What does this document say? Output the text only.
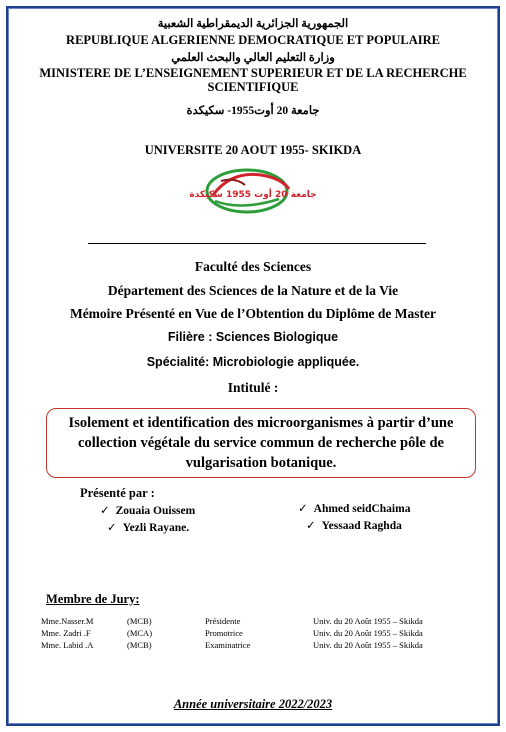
الجمهورية الجزائرية الديمقراطية الشعبية
REPUBLIQUE ALGERIENNE DEMOCRATIQUE ET POPULAIRE
وزارة التعليم العالي والبحث العلمي
MINISTERE DE L’ENSEIGNEMENT SUPERIEUR ET DE LA RECHERCHE
SCIENTIFIQUE
جامعة 20 أوت1955- سكيكدة
UNIVERSITE 20 AOUT 1955- SKIKDA
جامعة 20 أوت 1955 سكيكدة
Faculté des Sciences
Département des Sciences de la Nature et de la Vie
Mémoire Présenté en Vue de l’Obtention du Diplôme de Master
Filière : Sciences Biologique
Spécialité: Microbiologie appliquée.
Intitulé :
Isolement et identification des microorganismes à partir d’une collection végétale du service commun de recherche pôle de vulgarisation botanique.
Présenté par :
✓ Zouaia Ouissem
✓ Yezli Rayane.
✓ Ahmed seidChaima
✓ Yessaad Raghda
Membre de Jury:
Mme.Nasser.M	(MCB)	Présidente	Univ. du 20 Août 1955 – Skikda
Mme. Zadri .F	(MCA)	Promotrice	Univ. du 20 Août 1955 – Skikda
Mme. Labid .A	(MCB)	Examinatrice	Univ. du 20 Août 1955 – Skikda
Année universitaire 2022/2023
